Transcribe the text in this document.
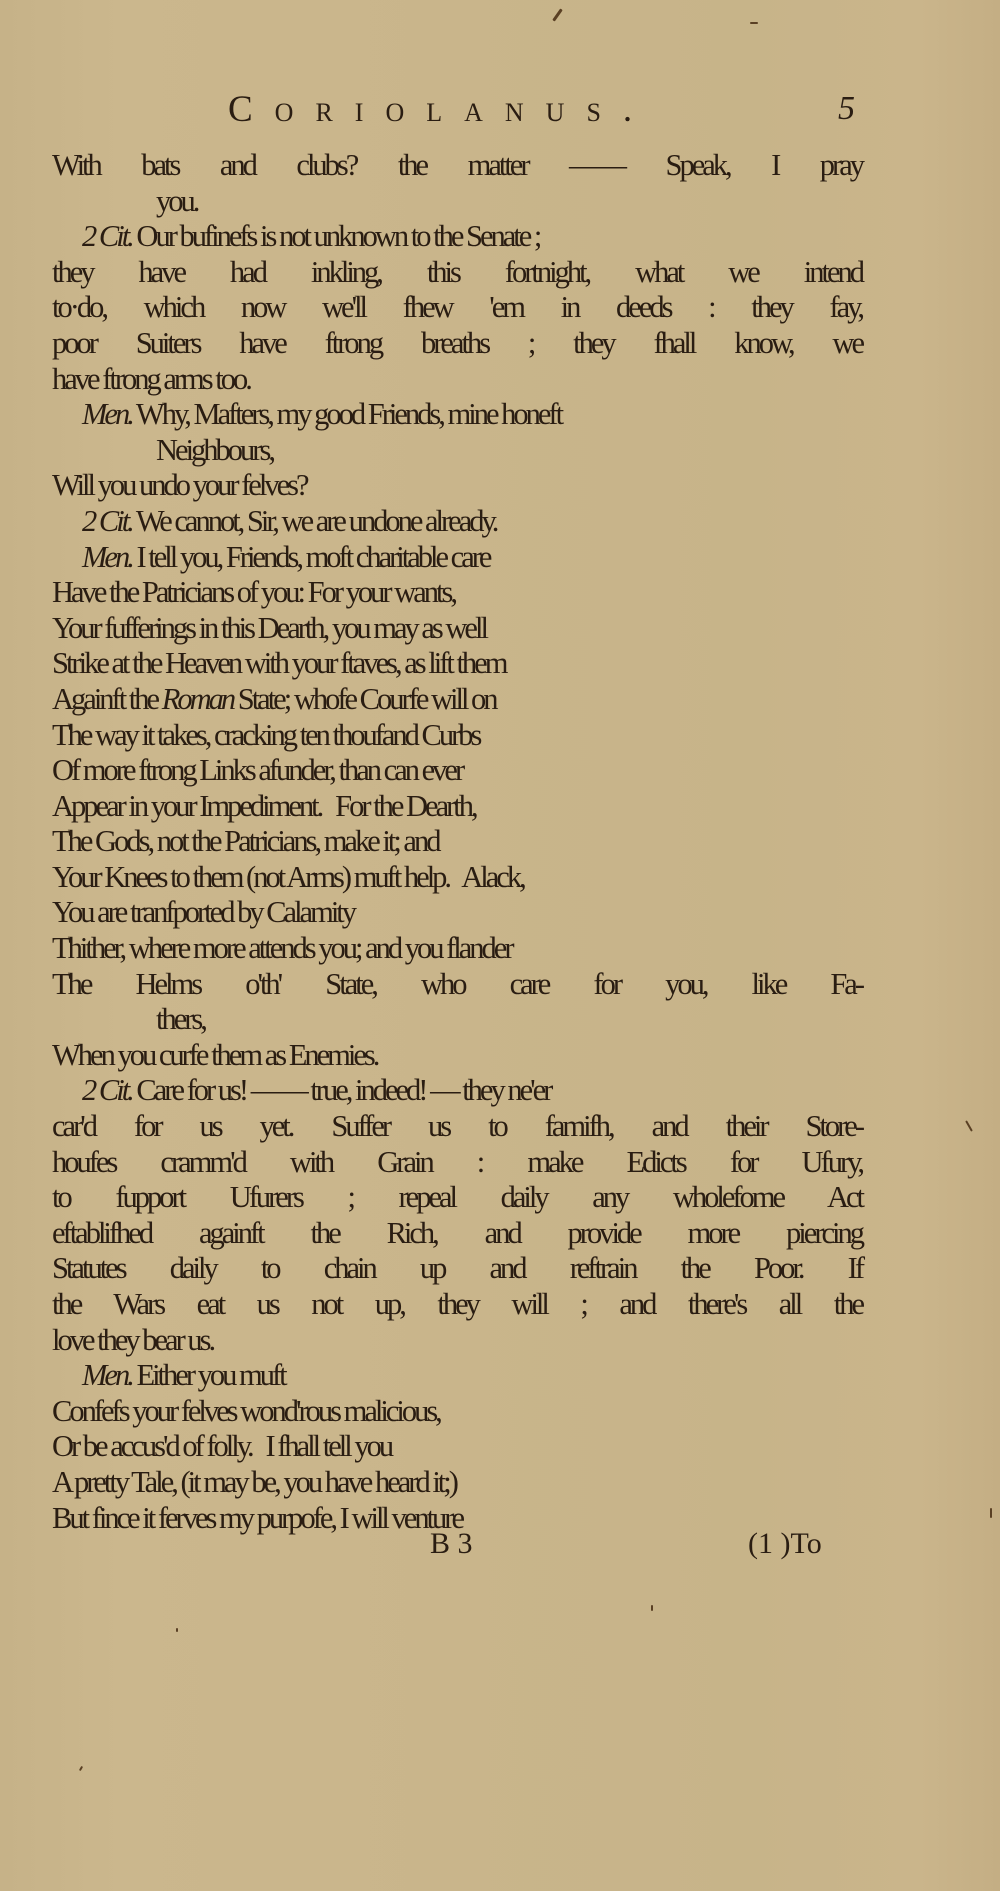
Coriolanus.	5
With bats and clubs? the matter —— Speak, I pray
you.
2 Cit. Our bufinefs is not unknown to the Senate ;
they have had inkling, this fortnight, what we intend
to·do, which now we'll fhew 'em in deeds : they fay,
poor Suiters have ftrong breaths ; they fhall know, we
have ftrong arms too.
Men. Why, Mafters, my good Friends, mine honeft
Neighbours,
Will you undo your felves?
2 Cit. We cannot, Sir, we are undone already.
Men. I tell you, Friends, moft charitable care
Have the Patricians of you: For your wants,
Your fufferings in this Dearth, you may as well
Strike at the Heaven with your ftaves, as lift them
Againft the Roman State; whofe Courfe will on
The way it takes, cracking ten thoufand Curbs
Of more ftrong Links afunder, than can ever
Appear in your Impediment.   For the Dearth,
The Gods, not the Patricians, make it; and
Your Knees to them (not Arms) muft help.   Alack,
You are tranfported by Calamity
Thither, where more attends you; and you flander
The Helms o'th' State, who care for you, like Fa-
thers,
When you curfe them as Enemies.
2 Cit. Care for us! —— true, indeed! — they ne'er
car'd for us yet. Suffer us to famifh, and their Store-
houfes cramm'd with Grain : make Edicts for Ufury,
to fupport Ufurers ; repeal daily any wholefome Act
eftablifhed againft the Rich, and provide more piercing
Statutes daily to chain up and reftrain the Poor. If
the Wars eat us not up, they will ; and there's all the
love they bear us.
Men. Either you muft
Confefs your felves wond'rous malicious,
Or be accus'd of folly.   I fhall tell you
A pretty Tale, (it may be, you have heard it;)
But fince it ferves my purpofe, I will venture
B 3	(1 )To
